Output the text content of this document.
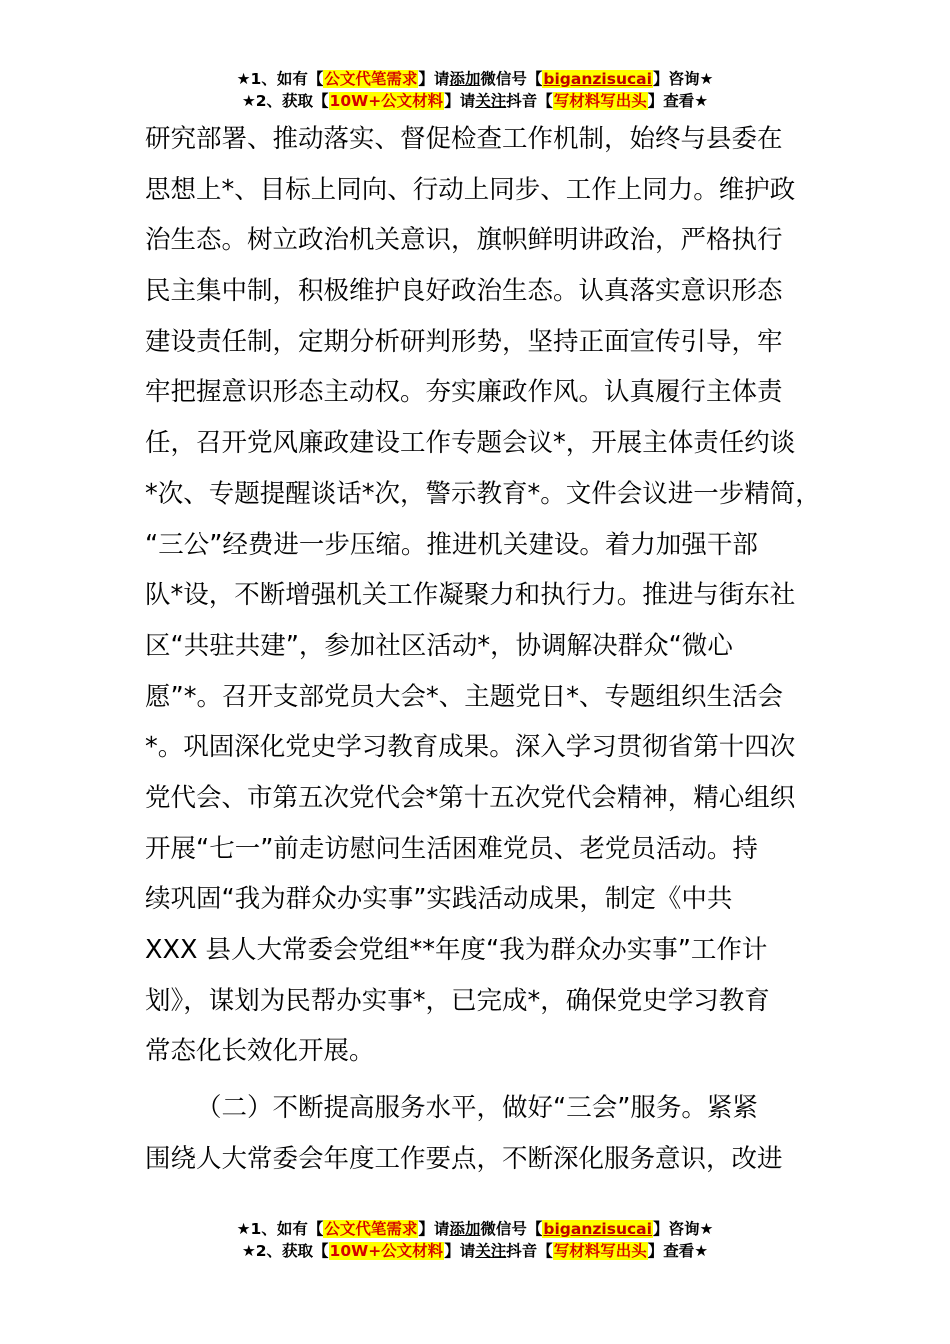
★1、如有【公文代笔需求】请添加微信号【biganzisucai】咨询★
★2、获取【10W+公文材料】请关注抖音【写材料写出头】查看★
研究部署、推动落实、督促检查工作机制，始终与县委在
思想上*、目标上同向、行动上同步、工作上同力。维护政
治生态。树立政治机关意识，旗帜鲜明讲政治，严格执行
民主集中制，积极维护良好政治生态。认真落实意识形态
建设责任制，定期分析研判形势，坚持正面宣传引导，牢
牢把握意识形态主动权。夯实廉政作风。认真履行主体责
任，召开党风廉政建设工作专题会议*，开展主体责任约谈
*次、专题提醒谈话*次，警示教育*。文件会议进一步精简，
“三公”经费进一步压缩。推进机关建设。着力加强干部
队*设，不断增强机关工作凝聚力和执行力。推进与街东社
区“共驻共建”，参加社区活动*，协调解决群众“微心
愿”*。召开支部党员大会*、主题党日*、专题组织生活会
*。巩固深化党史学习教育成果。深入学习贯彻省第十四次
党代会、市第五次党代会*第十五次党代会精神，精心组织
开展“七一”前走访慰问生活困难党员、老党员活动。持
续巩固“我为群众办实事”实践活动成果，制定《中共
XXX 县人大常委会党组**年度“我为群众办实事”工作计
划》，谋划为民帮办实事*，已完成*，确保党史学习教育
常态化长效化开展。
（二）不断提高服务水平，做好“三会”服务。紧紧
围绕人大常委会年度工作要点，不断深化服务意识，改进
★1、如有【公文代笔需求】请添加微信号【biganzisucai】咨询★
★2、获取【10W+公文材料】请关注抖音【写材料写出头】查看★
